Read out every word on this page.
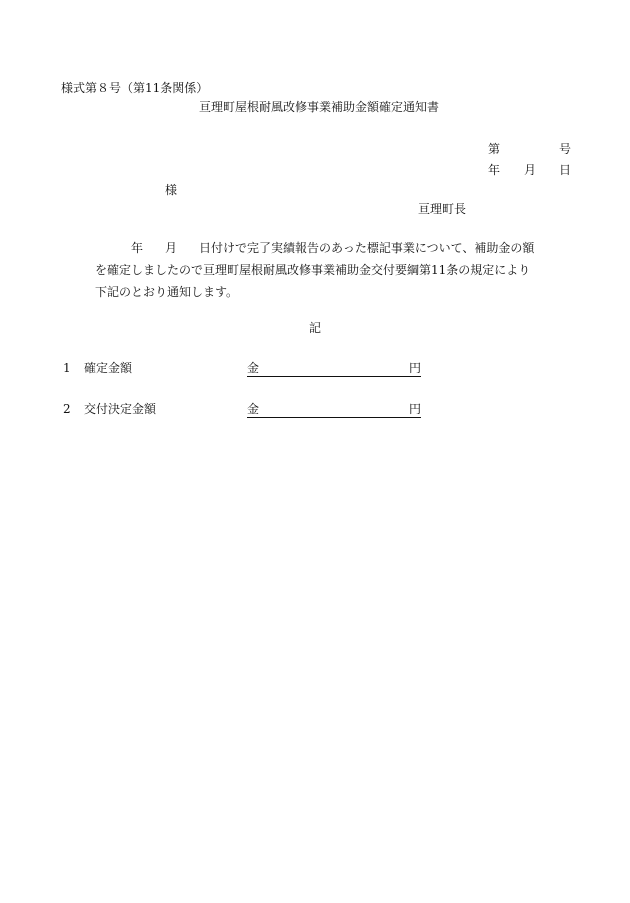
様式第８号（第11条関係）
亘理町屋根耐風改修事業補助金額確定通知書
第	号
年 月 日
様
亘理町長
年 月 日付けで完了実績報告のあった標記事業について、補助金の額
を確定しましたので亘理町屋根耐風改修事業補助金交付要綱第11条の規定により
下記のとおり通知します。
記
1 確定金額	金	円
2 交付決定金額	金	円
